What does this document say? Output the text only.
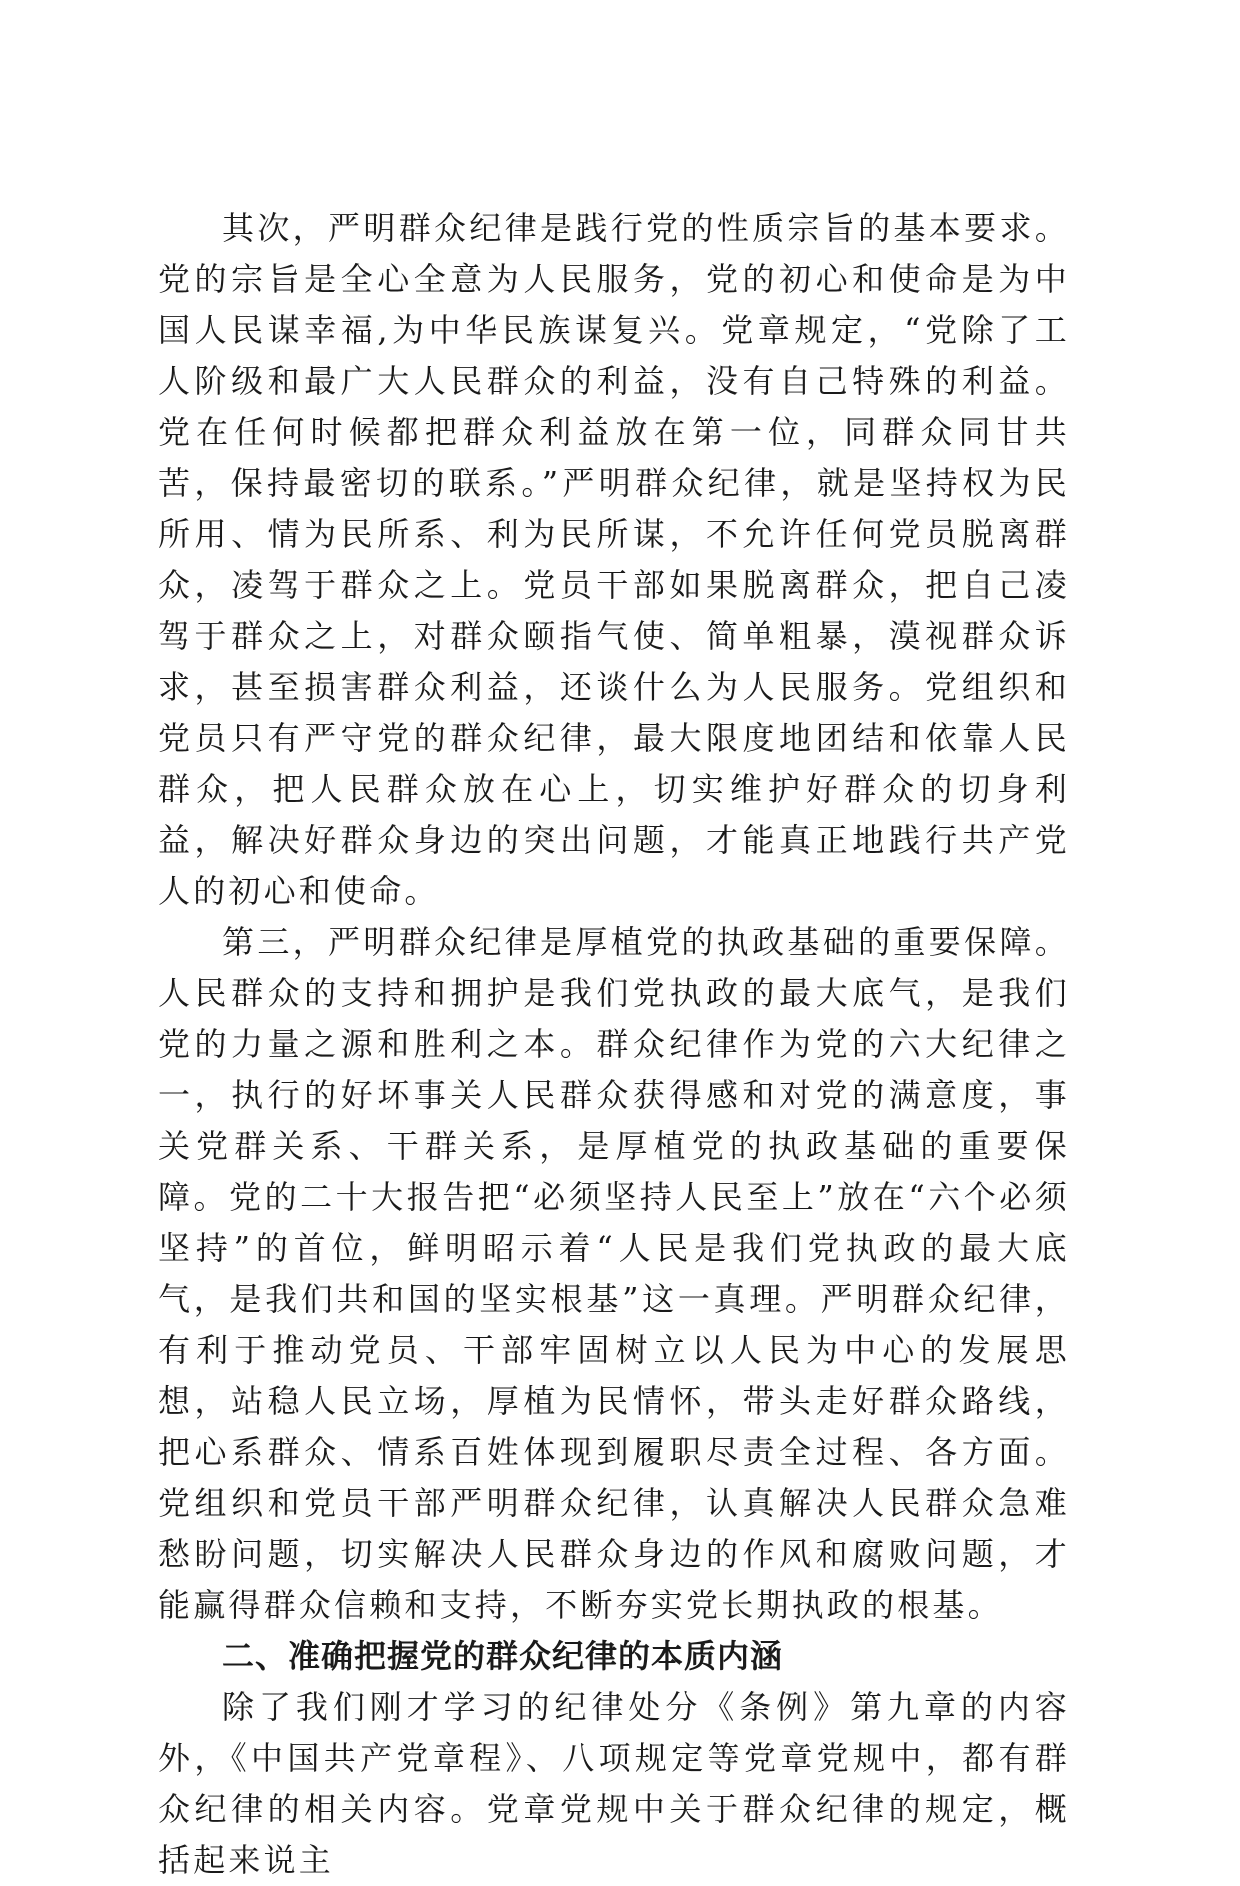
其次，严明群众纪律是践行党的性质宗旨的基本要求。党的宗旨是全心全意为人民服务，党的初心和使命是为中国人民谋幸福,为中华民族谋复兴。党章规定，“党除了工人阶级和最广大人民群众的利益，没有自己特殊的利益。党在任何时候都把群众利益放在第一位，同群众同甘共苦，保持最密切的联系。”严明群众纪律，就是坚持权为民所用、情为民所系、利为民所谋，不允许任何党员脱离群众，凌驾于群众之上。党员干部如果脱离群众，把自己凌驾于群众之上，对群众颐指气使、简单粗暴，漠视群众诉求，甚至损害群众利益，还谈什么为人民服务。党组织和党员只有严守党的群众纪律，最大限度地团结和依靠人民群众，把人民群众放在心上，切实维护好群众的切身利益，解决好群众身边的突出问题，才能真正地践行共产党人的初心和使命。

第三，严明群众纪律是厚植党的执政基础的重要保障。人民群众的支持和拥护是我们党执政的最大底气，是我们党的力量之源和胜利之本。群众纪律作为党的六大纪律之一，执行的好坏事关人民群众获得感和对党的满意度，事关党群关系、干群关系，是厚植党的执政基础的重要保障。党的二十大报告把“必须坚持人民至上”放在“六个必须坚持”的首位，鲜明昭示着“人民是我们党执政的最大底气，是我们共和国的坚实根基”这一真理。严明群众纪律，有利于推动党员、干部牢固树立以人民为中心的发展思想，站稳人民立场，厚植为民情怀，带头走好群众路线，把心系群众、情系百姓体现到履职尽责全过程、各方面。党组织和党员干部严明群众纪律，认真解决人民群众急难愁盼问题，切实解决人民群众身边的作风和腐败问题，才能赢得群众信赖和支持，不断夯实党长期执政的根基。

二、准确把握党的群众纪律的本质内涵

除了我们刚才学习的纪律处分《条例》第九章的内容外，《中国共产党章程》、八项规定等党章党规中，都有群众纪律的相关内容。党章党规中关于群众纪律的规定，概括起来说主
